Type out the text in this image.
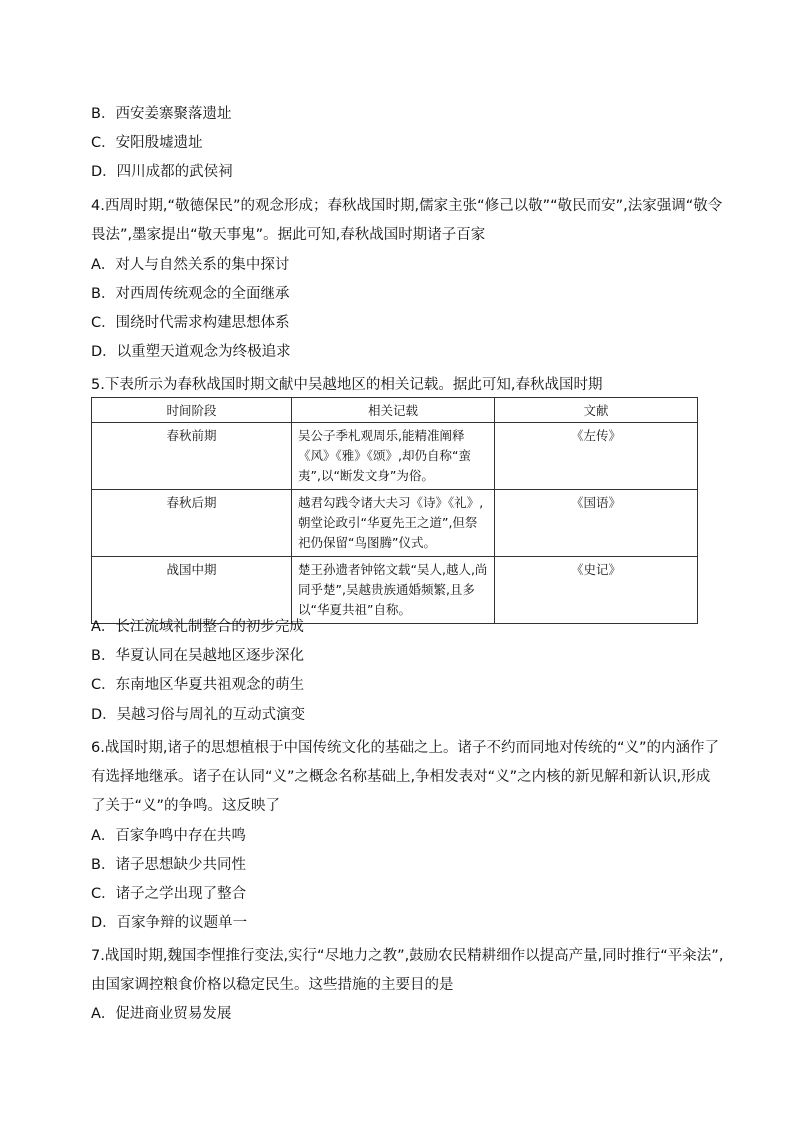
B．西安姜寨聚落遗址
C．安阳殷墟遗址
D．四川成都的武侯祠
4.西周时期,“敬德保民”的观念形成；春秋战国时期,儒家主张“修己以敬”“敬民而安”,法家强调“敬令
畏法”,墨家提出“敬天事鬼”。据此可知,春秋战国时期诸子百家
A．对人与自然关系的集中探讨
B．对西周传统观念的全面继承
C．围绕时代需求构建思想体系
D．以重塑天道观念为终极追求
5.下表所示为春秋战国时期文献中吴越地区的相关记载。据此可知,春秋战国时期
时间阶段	相关记载	文献
春秋前期	吴公子季札观周乐,能精准阐释《风》《雅》《颂》,却仍自称“蛮夷”,以“断发文身”为俗。	《左传》
春秋后期	越君勾践令诸大夫习《诗》《礼》,朝堂论政引“华夏先王之道”,但祭祀仍保留“鸟图腾”仪式。	《国语》
战国中期	楚王孙遗者钟铭文载“吴人,越人,尚同乎楚”,吴越贵族通婚频繁,且多以“华夏共祖”自称。	《史记》
A．长江流域礼制整合的初步完成
B．华夏认同在吴越地区逐步深化
C．东南地区华夏共祖观念的萌生
D．吴越习俗与周礼的互动式演变
6.战国时期,诸子的思想植根于中国传统文化的基础之上。诸子不约而同地对传统的“义”的内涵作了
有选择地继承。诸子在认同“义”之概念名称基础上,争相发表对“义”之内核的新见解和新认识,形成
了关于“义”的争鸣。这反映了
A．百家争鸣中存在共鸣
B．诸子思想缺少共同性
C．诸子之学出现了整合
D．百家争辩的议题单一
7.战国时期,魏国李悝推行变法,实行“尽地力之教”,鼓励农民精耕细作以提高产量,同时推行“平籴法”,
由国家调控粮食价格以稳定民生。这些措施的主要目的是
A．促进商业贸易发展
